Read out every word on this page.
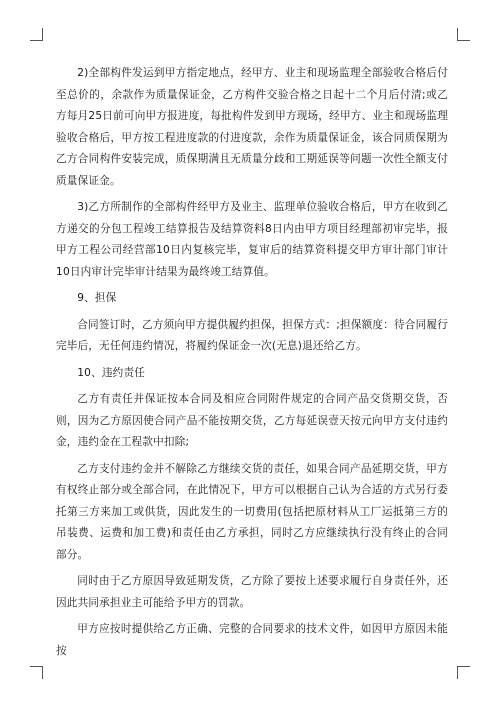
2)全部构件发运到甲方指定地点，经甲方、业主和现场监理全部验收合格后付至总价的，余款作为质量保证金，乙方构件交验合格之日起十二个月后付清;或乙方每月25日前可向甲方报进度，每批构件发到甲方现场，经甲方、业主和现场监理验收合格后，甲方按工程进度款的付进度款，余作为质量保证金，该合同质保期为乙方合同构件安装完成，质保期满且无质量分歧和工期延误等问题一次性全额支付质量保证金。

3)乙方所制作的全部构件经甲方及业主、监理单位验收合格后，甲方在收到乙方递交的分包工程竣工结算报告及结算资料8日内由甲方项目经理部初审完毕，报甲方工程公司经营部10日内复核完毕，复审后的结算资料提交甲方审计部门审计10日内审计完毕审计结果为最终竣工结算值。

9、担保

合同签订时，乙方须向甲方提供履约担保，担保方式：;担保额度：待合同履行完毕后，无任何违约情况，将履约保证金一次(无息)退还给乙方。

10、违约责任

乙方有责任并保证按本合同及相应合同附件规定的合同产品交货期交货，否则，因为乙方原因使合同产品不能按期交货，乙方每延误壹天按元向甲方支付违约金，违约金在工程款中扣除;

乙方支付违约金并不解除乙方继续交货的责任，如果合同产品延期交货，甲方有权终止部分或全部合同，在此情况下，甲方可以根据自己认为合适的方式另行委托第三方来加工或供货，因此发生的一切费用(包括把原材料从工厂运抵第三方的吊装费、运费和加工费)和责任由乙方承担，同时乙方应继续执行没有终止的合同部分。

同时由于乙方原因导致延期发货，乙方除了要按上述要求履行自身责任外，还因此共同承担业主可能给予甲方的罚款。

甲方应按时提供给乙方正确、完整的合同要求的技术文件，如因甲方原因未能按
